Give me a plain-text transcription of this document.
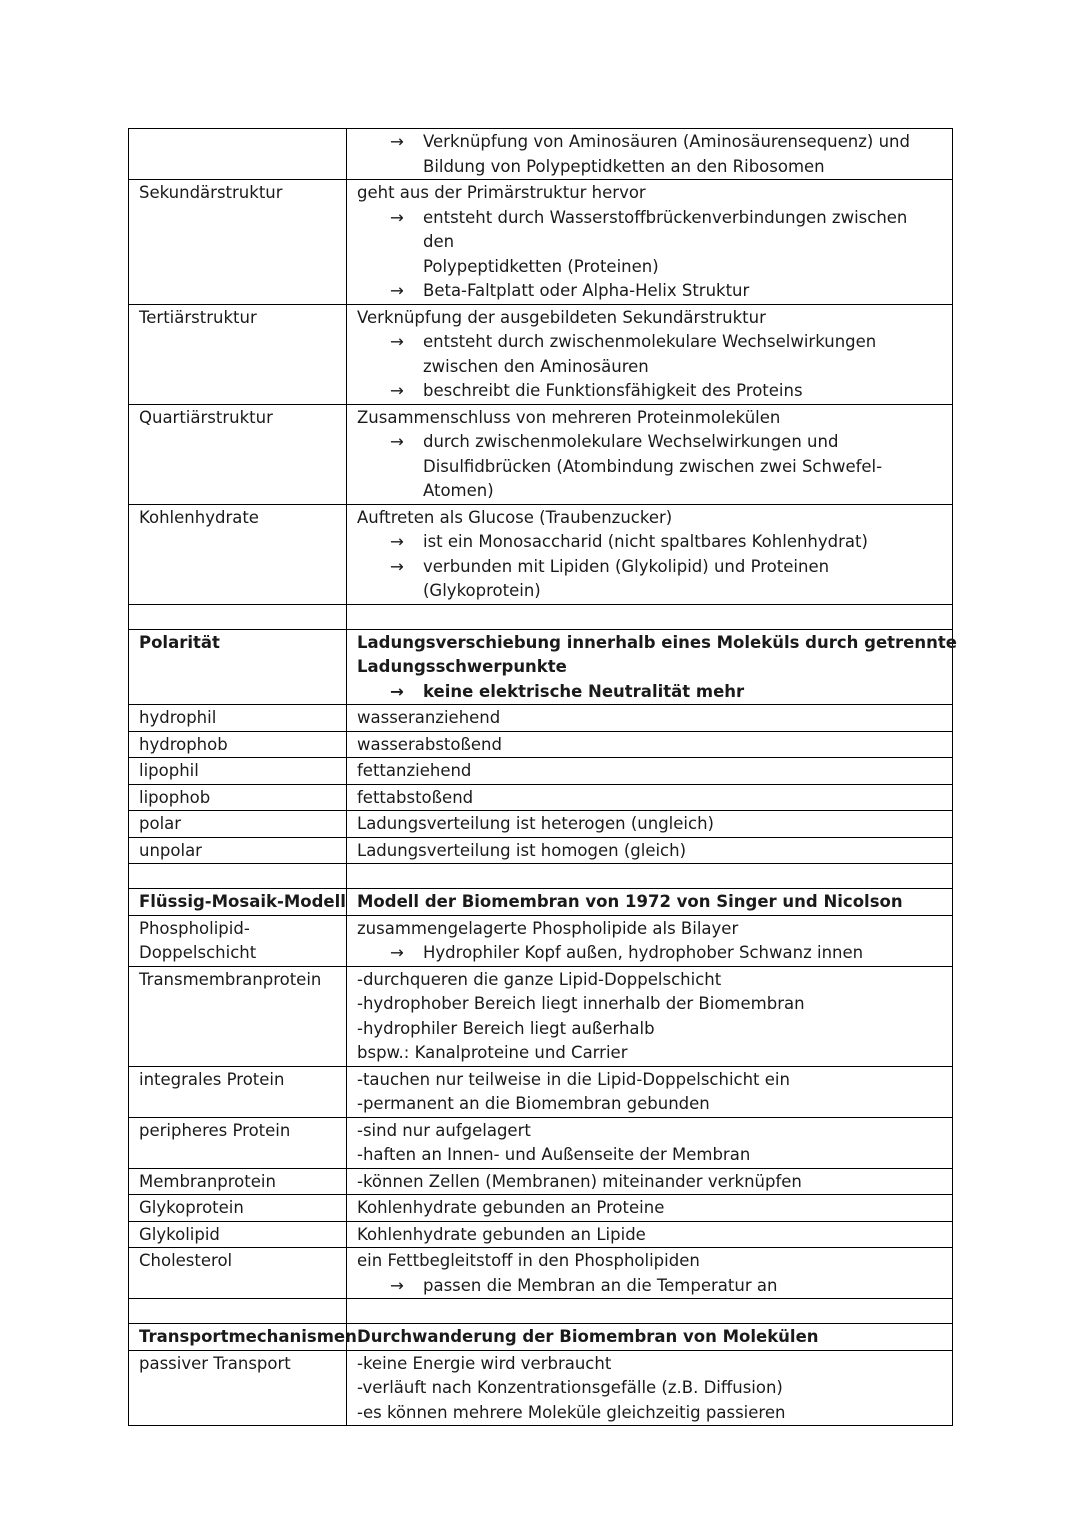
	→ Verknüpfung von Aminosäuren (Aminosäurensequenz) und
Bildung von Polypeptidketten an den Ribosomen

Sekundärstruktur	geht aus der Primärstruktur hervor
→ entsteht durch Wasserstoffbrückenverbindungen zwischen den
Polypeptidketten (Proteinen)
→ Beta-Faltplatt oder Alpha-Helix Struktur

Tertiärstruktur	Verknüpfung der ausgebildeten Sekundärstruktur
→ entsteht durch zwischenmolekulare Wechselwirkungen
zwischen den Aminosäuren
→ beschreibt die Funktionsfähigkeit des Proteins

Quartiärstruktur	Zusammenschluss von mehreren Proteinmolekülen
→ durch zwischenmolekulare Wechselwirkungen und
Disulfidbrücken (Atombindung zwischen zwei Schwefel-
Atomen)

Kohlenhydrate	Auftreten als Glucose (Traubenzucker)
→ ist ein Monosaccharid (nicht spaltbares Kohlenhydrat)
→ verbunden mit Lipiden (Glykolipid) und Proteinen
(Glykoprotein)

Polarität	Ladungsverschiebung innerhalb eines Moleküls durch getrennte
Ladungsschwerpunkte
→ keine elektrische Neutralität mehr

hydrophil	wasseranziehend

hydrophob	wasserabstoßend

lipophil	fettanziehend

lipophob	fettabstoßend

polar	Ladungsverteilung ist heterogen (ungleich)

unpolar	Ladungsverteilung ist homogen (gleich)

Flüssig-Mosaik-Modell	Modell der Biomembran von 1972 von Singer und Nicolson

Phospholipid-
Doppelschicht	zusammengelagerte Phospholipide als Bilayer
→ Hydrophiler Kopf außen, hydrophober Schwanz innen

Transmembranprotein	-durchqueren die ganze Lipid-Doppelschicht
-hydrophober Bereich liegt innerhalb der Biomembran
-hydrophiler Bereich liegt außerhalb
bspw.: Kanalproteine und Carrier

integrales Protein	-tauchen nur teilweise in die Lipid-Doppelschicht ein
-permanent an die Biomembran gebunden

peripheres Protein	-sind nur aufgelagert
-haften an Innen- und Außenseite der Membran

Membranprotein	-können Zellen (Membranen) miteinander verknüpfen

Glykoprotein	Kohlenhydrate gebunden an Proteine

Glykolipid	Kohlenhydrate gebunden an Lipide

Cholesterol	ein Fettbegleitstoff in den Phospholipiden
→ passen die Membran an die Temperatur an

Transportmechanismen	Durchwanderung der Biomembran von Molekülen

passiver Transport	-keine Energie wird verbraucht
-verläuft nach Konzentrationsgefälle (z.B. Diffusion)
-es können mehrere Moleküle gleichzeitig passieren
